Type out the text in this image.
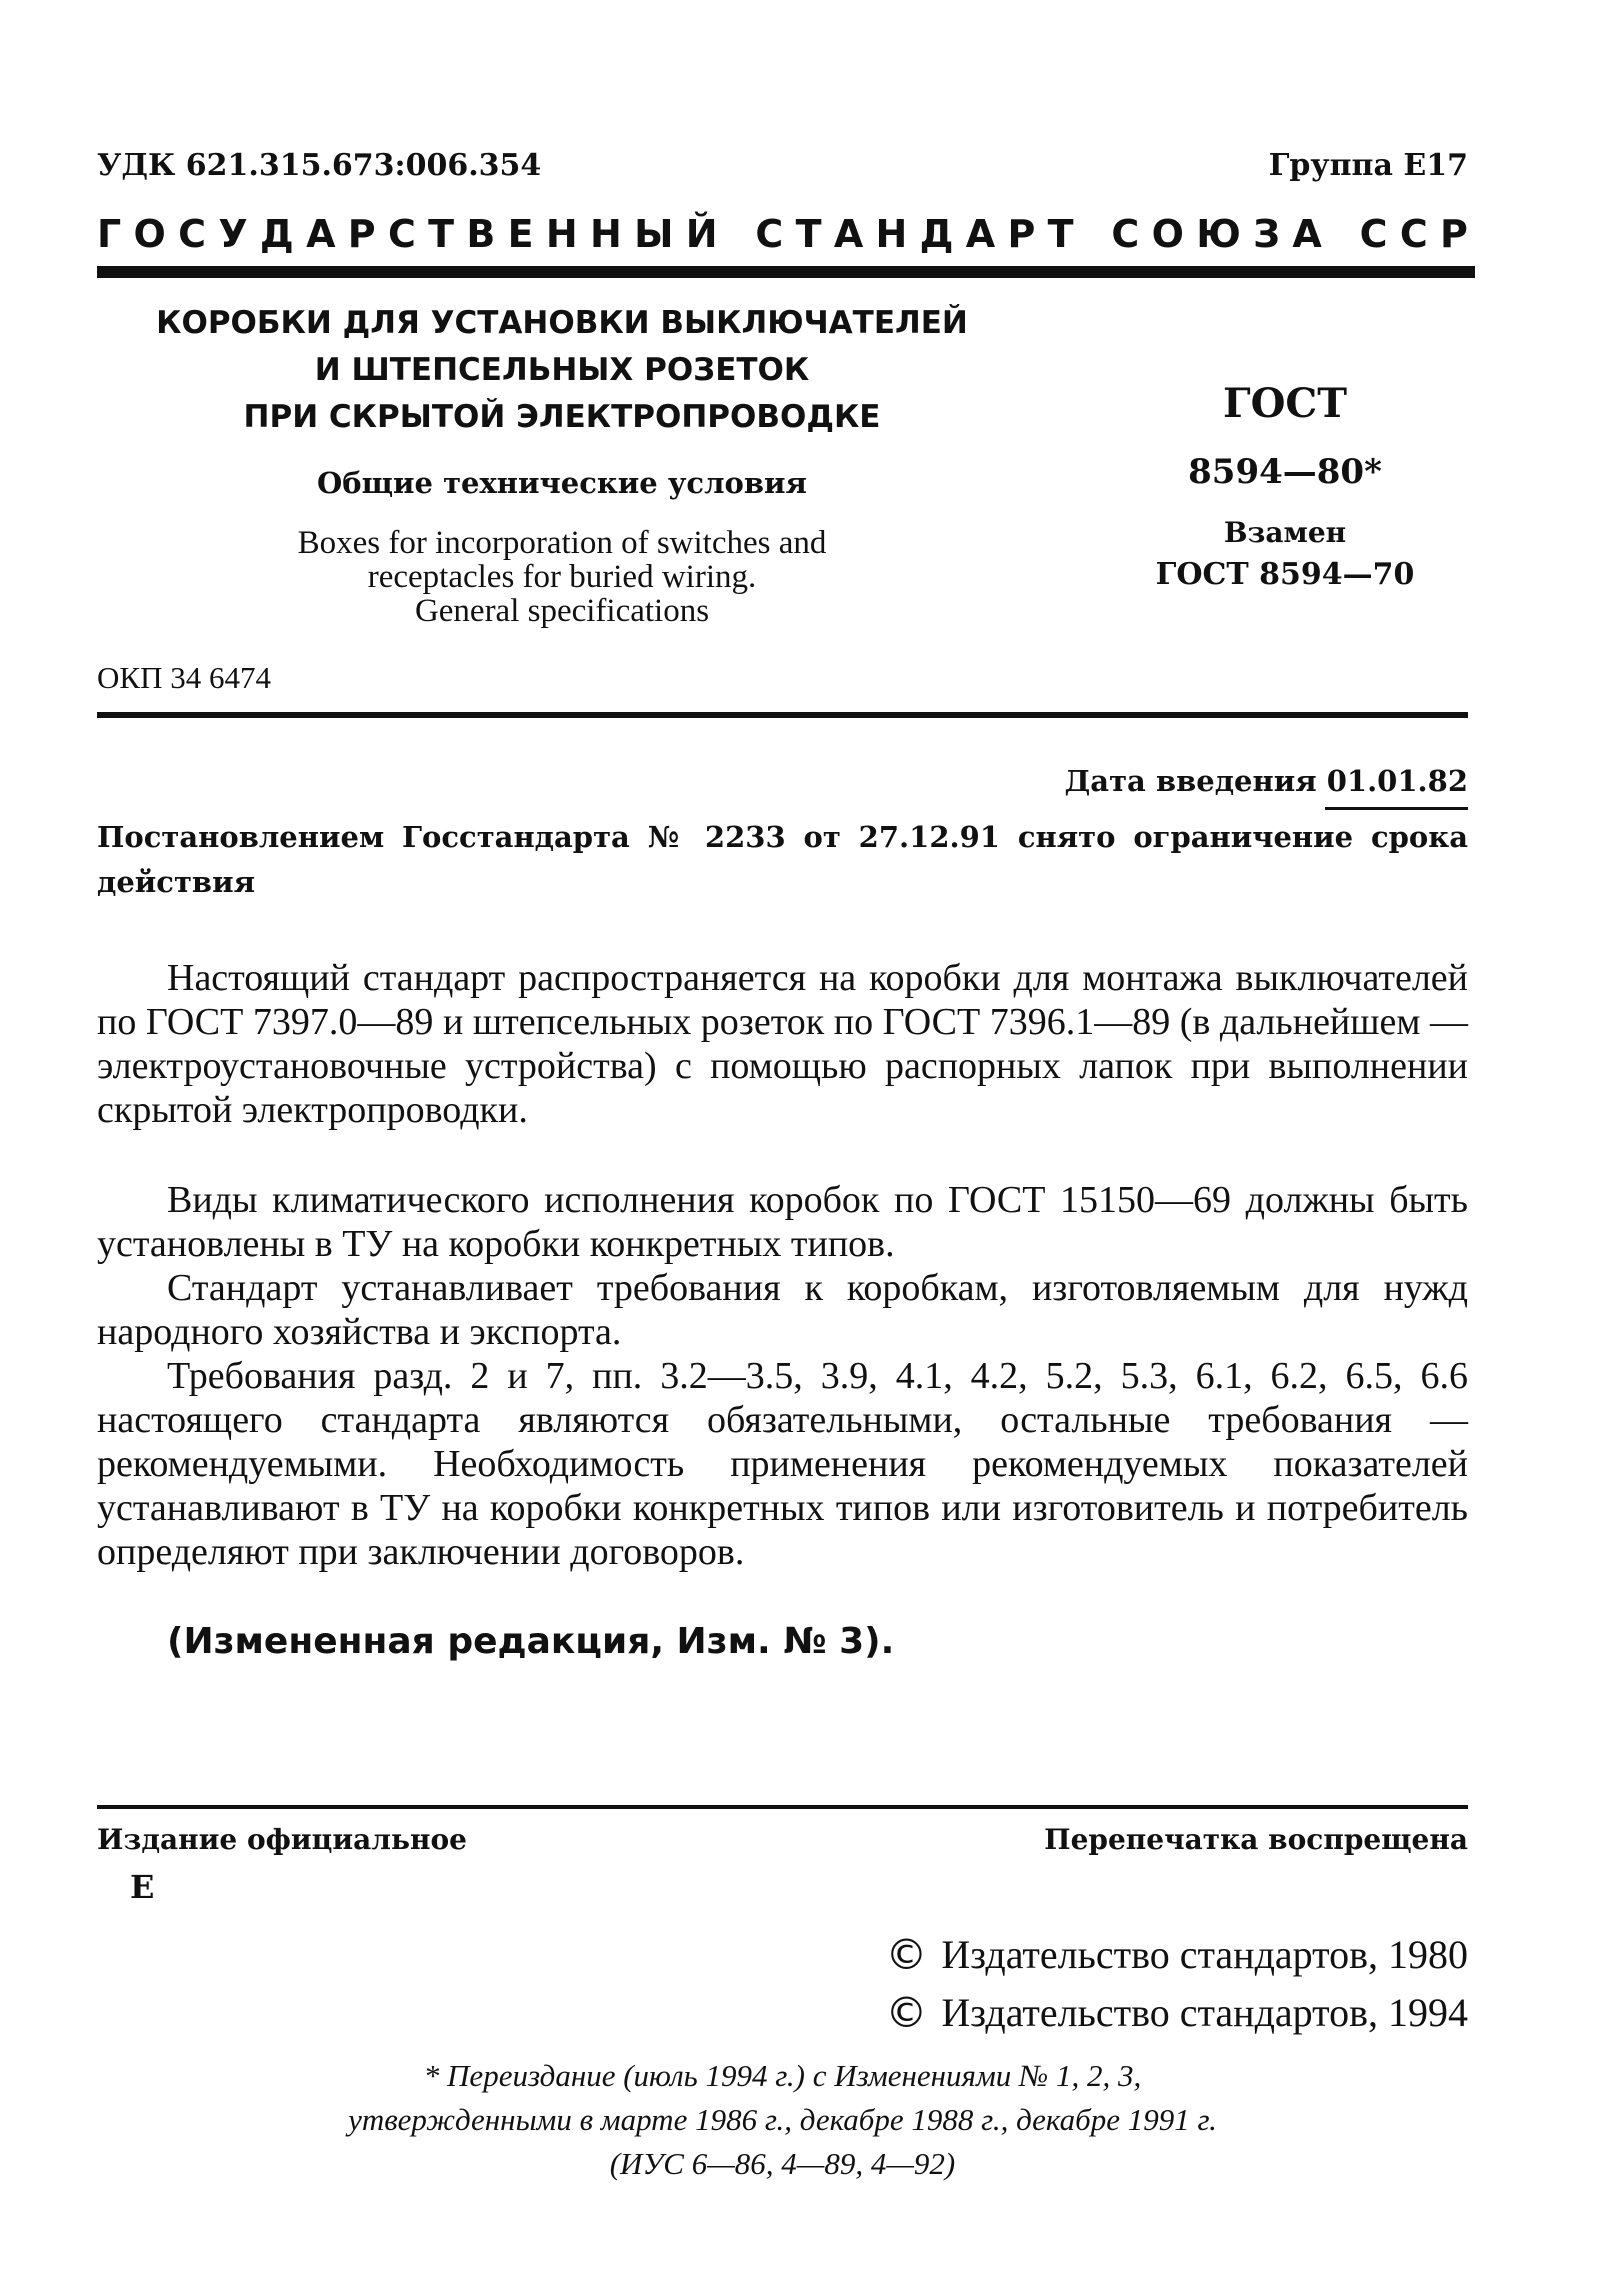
УДК 621.315.673:006.354	Группа Е17
Г О С У Д А Р С Т В Е Н Н Ы Й
С Т А Н Д А Р Т
С О Ю З А
С С Р
КОРОБКИ ДЛЯ УСТАНОВКИ ВЫКЛЮЧАТЕЛЕЙ
И ШТЕПСЕЛЬНЫХ РОЗЕТОК
ПРИ СКРЫТОЙ ЭЛЕКТРОПРОВОДКЕ
Общие технические условия
Boxes for incorporation of switches and
receptacles for buried wiring.
General specifications
ОКП 34 6474
ГОСТ
8594—80*
Взамен
ГОСТ 8594—70
Дата введения 01.01.82
Постановлением Госстандарта № 2233 от 27.12.91 снято ограничение срока действия
Настоящий стандарт распространяется на коробки для монтажа выключателей по ГОСТ 7397.0—89 и штепсельных розеток по ГОСТ 7396.1—89 (в дальнейшем — электроустановочные устройства) с помощью распорных лапок при выполнении скрытой электропроводки.
Виды климатического исполнения коробок по ГОСТ 15150—69 должны быть установлены в ТУ на коробки конкретных типов.
Стандарт устанавливает требования к коробкам, изготовляемым для нужд народного хозяйства и экспорта.
Требования разд. 2 и 7, пп. 3.2—3.5, 3.9, 4.1, 4.2, 5.2, 5.3, 6.1, 6.2, 6.5, 6.6 настоящего стандарта являются обязательными, остальные требования — рекомендуемыми. Необходимость применения рекомендуемых показателей устанавливают в ТУ на коробки конкретных типов или изготовитель и потребитель определяют при заключении договоров.
(Измененная редакция, Изм. № 3).
Издание официальное	Перепечатка воспрещена
Е
© Издательство стандартов, 1980
© Издательство стандартов, 1994
* Переиздание (июль 1994 г.) с Изменениями № 1, 2, 3,
утвержденными в марте 1986 г., декабре 1988 г., декабре 1991 г.
(ИУС 6—86, 4—89, 4—92)
